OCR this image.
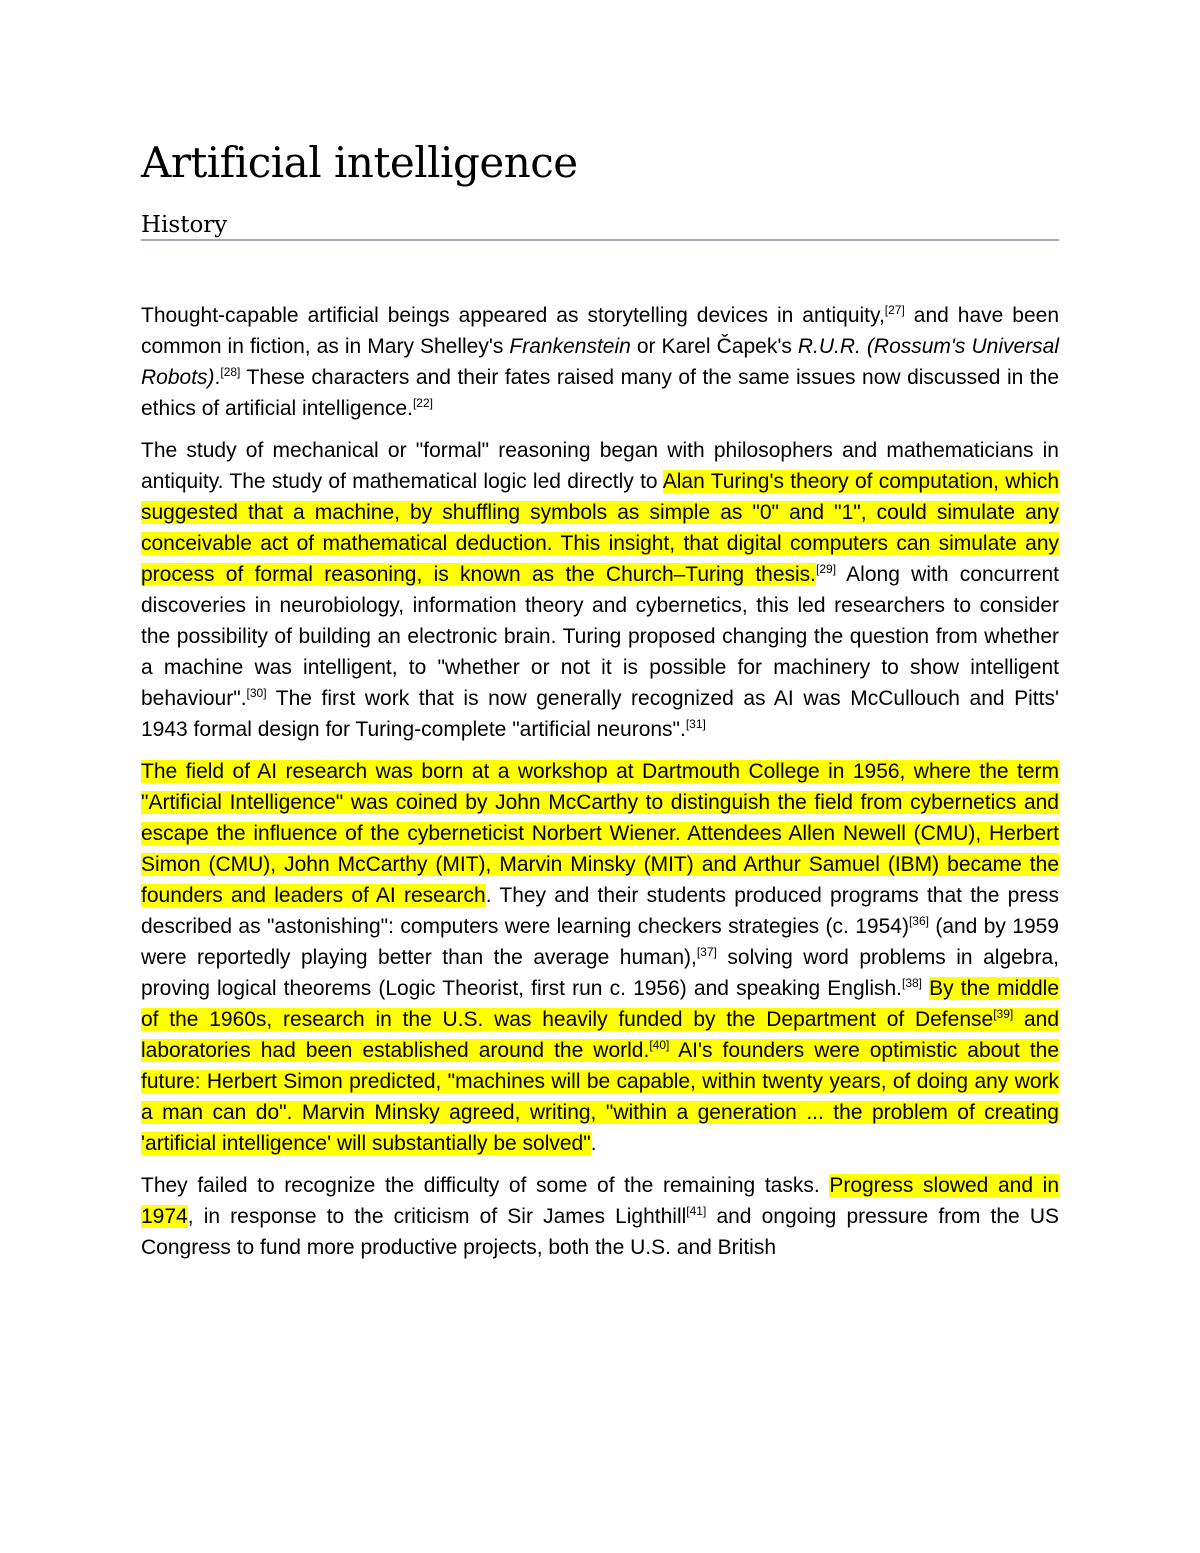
Artificial intelligence
History

Thought-capable artificial beings appeared as storytelling devices in antiquity,[27] and have been common in fiction, as in Mary Shelley's Frankenstein or Karel Čapek's R.U.R. (Rossum's Universal Robots).[28] These characters and their fates raised many of the same issues now discussed in the ethics of artificial intelligence.[22]

The study of mechanical or "formal" reasoning began with philosophers and mathematicians in antiquity. The study of mathematical logic led directly to Alan Turing's theory of computation, which suggested that a machine, by shuffling symbols as simple as "0" and "1", could simulate any conceivable act of mathematical deduction. This insight, that digital computers can simulate any process of formal reasoning, is known as the Church–Turing thesis.[29] Along with concurrent discoveries in neurobiology, information theory and cybernetics, this led researchers to consider the possibility of building an electronic brain. Turing proposed changing the question from whether a machine was intelligent, to "whether or not it is possible for machinery to show intelligent behaviour".[30] The first work that is now generally recognized as AI was McCullouch and Pitts' 1943 formal design for Turing-complete "artificial neurons".[31]

The field of AI research was born at a workshop at Dartmouth College in 1956, where the term "Artificial Intelligence" was coined by John McCarthy to distinguish the field from cybernetics and escape the influence of the cyberneticist Norbert Wiener. Attendees Allen Newell (CMU), Herbert Simon (CMU), John McCarthy (MIT), Marvin Minsky (MIT) and Arthur Samuel (IBM) became the founders and leaders of AI research. They and their students produced programs that the press described as "astonishing": computers were learning checkers strategies (c. 1954)[36] (and by 1959 were reportedly playing better than the average human),[37] solving word problems in algebra, proving logical theorems (Logic Theorist, first run c. 1956) and speaking English.[38] By the middle of the 1960s, research in the U.S. was heavily funded by the Department of Defense[39] and laboratories had been established around the world.[40] AI's founders were optimistic about the future: Herbert Simon predicted, "machines will be capable, within twenty years, of doing any work a man can do". Marvin Minsky agreed, writing, "within a generation ... the problem of creating 'artificial intelligence' will substantially be solved".

They failed to recognize the difficulty of some of the remaining tasks. Progress slowed and in 1974, in response to the criticism of Sir James Lighthill[41] and ongoing pressure from the US Congress to fund more productive projects, both the U.S. and British
